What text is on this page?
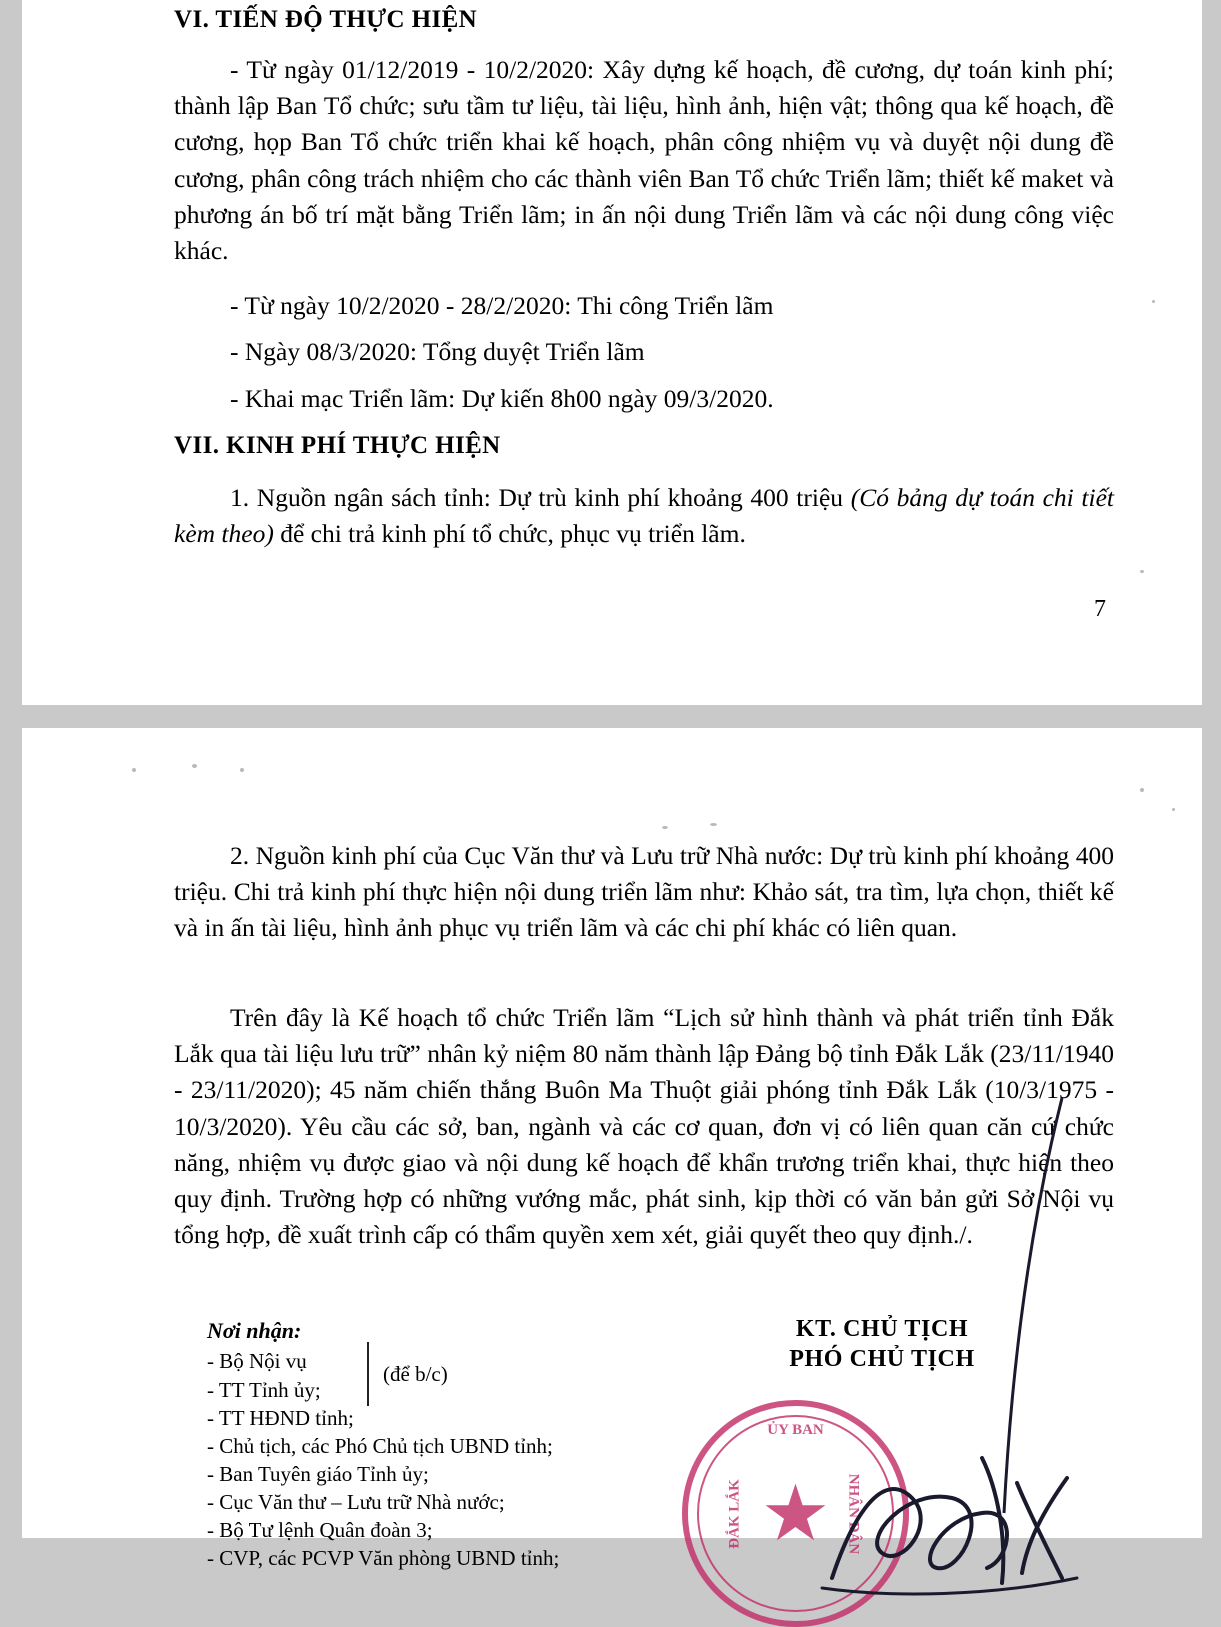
VI. TIẾN ĐỘ THỰC HIỆN

- Từ ngày 01/12/2019 - 10/2/2020: Xây dựng kế hoạch, đề cương, dự toán kinh phí; thành lập Ban Tổ chức; sưu tầm tư liệu, tài liệu, hình ảnh, hiện vật; thông qua kế hoạch, đề cương, họp Ban Tổ chức triển khai kế hoạch, phân công nhiệm vụ và duyệt nội dung đề cương, phân công trách nhiệm cho các thành viên Ban Tổ chức Triển lãm; thiết kế maket và phương án bố trí mặt bằng Triển lãm; in ấn nội dung Triển lãm và các nội dung công việc khác.

- Từ ngày 10/2/2020 - 28/2/2020: Thi công Triển lãm

- Ngày 08/3/2020: Tổng duyệt Triển lãm

- Khai mạc Triển lãm: Dự kiến 8h00 ngày 09/3/2020.

VII. KINH PHÍ THỰC HIỆN

1. Nguồn ngân sách tỉnh: Dự trù kinh phí khoảng 400 triệu (Có bảng dự toán chi tiết kèm theo) để chi trả kinh phí tổ chức, phục vụ triển lãm.

7

2. Nguồn kinh phí của Cục Văn thư và Lưu trữ Nhà nước: Dự trù kinh phí khoảng 400 triệu. Chi trả kinh phí thực hiện nội dung triển lãm như: Khảo sát, tra tìm, lựa chọn, thiết kế và in ấn tài liệu, hình ảnh phục vụ triển lãm và các chi phí khác có liên quan.

Trên đây là Kế hoạch tổ chức Triển lãm “Lịch sử hình thành và phát triển tỉnh Đắk Lắk qua tài liệu lưu trữ” nhân kỷ niệm 80 năm thành lập Đảng bộ tỉnh Đắk Lắk (23/11/1940 - 23/11/2020); 45 năm chiến thắng Buôn Ma Thuột giải phóng tỉnh Đắk Lắk (10/3/1975 - 10/3/2020). Yêu cầu các sở, ban, ngành và các cơ quan, đơn vị có liên quan căn cứ chức năng, nhiệm vụ được giao và nội dung kế hoạch để khẩn trương triển khai, thực hiện theo quy định. Trường hợp có những vướng mắc, phát sinh, kịp thời có văn bản gửi Sở Nội vụ tổng hợp, đề xuất trình cấp có thẩm quyền xem xét, giải quyết theo quy định./.

Nơi nhận:
- Bộ Nội vụ
- TT Tỉnh ủy;
- TT HĐND tỉnh;
- Chủ tịch, các Phó Chủ tịch UBND tỉnh;
- Ban Tuyên giáo Tỉnh ủy;
- Cục Văn thư – Lưu trữ Nhà nước;
- Bộ Tư lệnh Quân đoàn 3;
- CVP, các PCVP Văn phòng UBND tỉnh;
(để b/c)
KT. CHỦ TỊCH
PHÓ CHỦ TỊCH
★
ỦY BAN
ĐẮK LẮK	NHÂN DÂN
